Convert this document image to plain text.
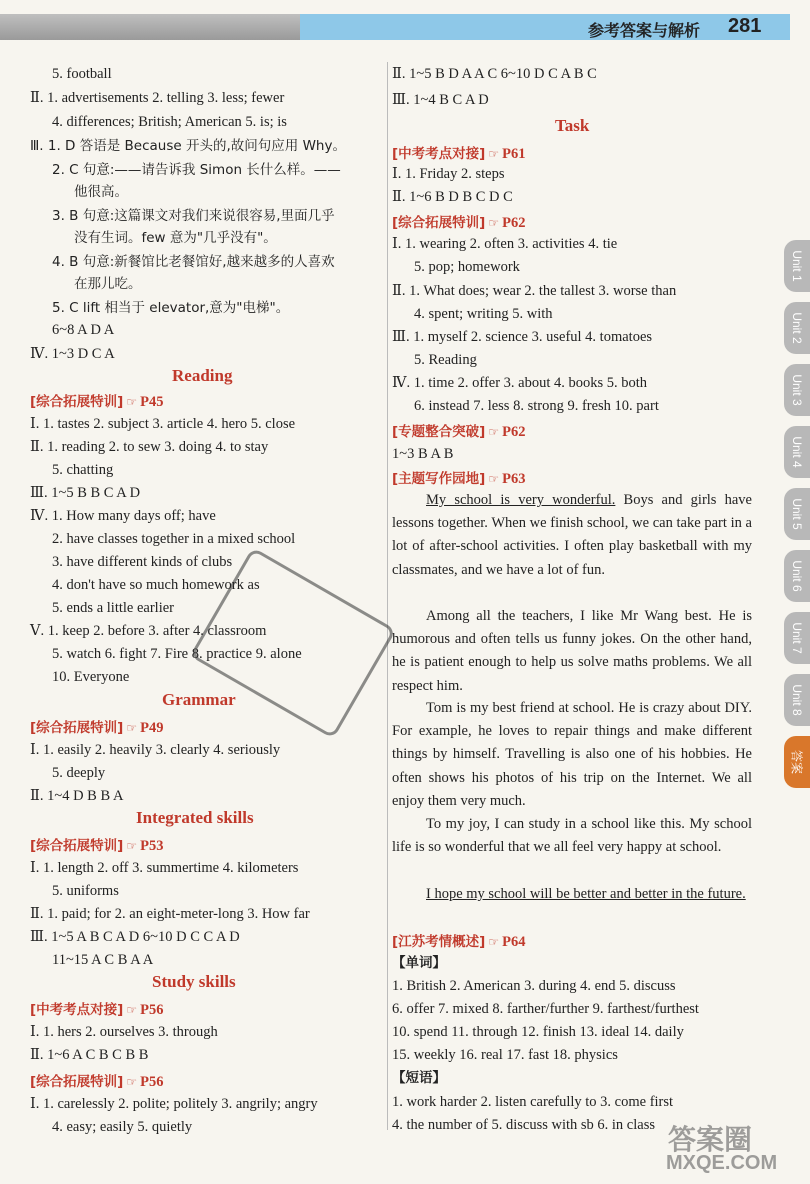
参考答案与解析 281
5. football
Ⅱ. 1. advertisements 2. telling 3. less; fewer
4. differences; British; American 5. is; is
Ⅲ. 1. D 答语是 Because 开头的,故问句应用 Why。
2. C 句意:——请告诉我 Simon 长什么样。——
他很高。
3. B 句意:这篇课文对我们来说很容易,里面几乎
没有生词。few 意为"几乎没有"。
4. B 句意:新餐馆比老餐馆好,越来越多的人喜欢
在那儿吃。
5. C lift 相当于 elevator,意为"电梯"。
6~8 A D A
Ⅳ. 1~3 D C A
Ⅰ. 1. tastes 2. subject 3. article 4. hero 5. close
Ⅱ. 1. reading 2. to sew 3. doing 4. to stay
5. chatting
Ⅲ. 1~5 B B C A D
Ⅳ. 1. How many days off; have
2. have classes together in a mixed school
3. have different kinds of clubs
4. don't have so much homework as
5. ends a little earlier
Ⅴ. 1. keep 2. before 3. after 4. classroom
5. watch 6. fight 7. Fire 8. practice 9. alone
10. Everyone
Ⅰ. 1. easily 2. heavily 3. clearly 4. seriously
5. deeply
Ⅱ. 1~4 D B B A
Ⅰ. 1. length 2. off 3. summertime 4. kilometers
5. uniforms
Ⅱ. 1. paid; for 2. an eight-meter-long 3. How far
Ⅲ. 1~5 A B C A D 6~10 D C C A D
11~15 A C B A A
Ⅰ. 1. hers 2. ourselves 3. through
Ⅱ. 1~6 A C B C B B
Ⅰ. 1. carelessly 2. polite; politely 3. angrily; angry
4. easy; easily 5. quietly
Reading
Grammar
Integrated skills
Study skills
[综合拓展特训] ☞ P45
[综合拓展特训] ☞ P49
[综合拓展特训] ☞ P53
[中考考点对接] ☞ P56
[综合拓展特训] ☞ P56
Ⅱ. 1~5 B D A A C 6~10 D C A B C
Ⅲ. 1~4 B C A D
Ⅰ. 1. Friday 2. steps
Ⅱ. 1~6 B D B C D C
Ⅰ. 1. wearing 2. often 3. activities 4. tie
5. pop; homework
Ⅱ. 1. What does; wear 2. the tallest 3. worse than
4. spent; writing 5. with
Ⅲ. 1. myself 2. science 3. useful 4. tomatoes
5. Reading
Ⅳ. 1. time 2. offer 3. about 4. books 5. both
6. instead 7. less 8. strong 9. fresh 10. part
1~3 B A B
1. British 2. American 3. during 4. end 5. discuss
6. offer 7. mixed 8. farther/further 9. farthest/furthest
10. spend 11. through 12. finish 13. ideal 14. daily
15. weekly 16. real 17. fast 18. physics
1. work harder 2. listen carefully to 3. come first
4. the number of 5. discuss with sb 6. in class
Task
[中考考点对接] ☞ P61
[综合拓展特训] ☞ P62
[专题整合突破] ☞ P62
[主题写作园地] ☞ P63
[江苏考情概述] ☞ P64
【单词】
【短语】
My school is very wonderful. Boys and girls have lessons together. When we finish school, we can take part in a lot of after-school activities. I often play basketball with my classmates, and we have a lot of fun.
Among all the teachers, I like Mr Wang best. He is humorous and often tells us funny jokes. On the other hand, he is patient enough to help us solve maths problems. We all respect him.
Tom is my best friend at school. He is crazy about DIY. For example, he loves to repair things and make different things by himself. Travelling is also one of his hobbies. He often shows his photos of his trip on the Internet. We all enjoy them very much.
To my joy, I can study in a school like this. My school life is so wonderful that we all feel very happy at school.
I hope my school will be better and better in the future.
Unit 1
Unit 2
Unit 3
Unit 4
Unit 5
Unit 6
Unit 7
Unit 8
答案
答案圈
MXQE.COM
